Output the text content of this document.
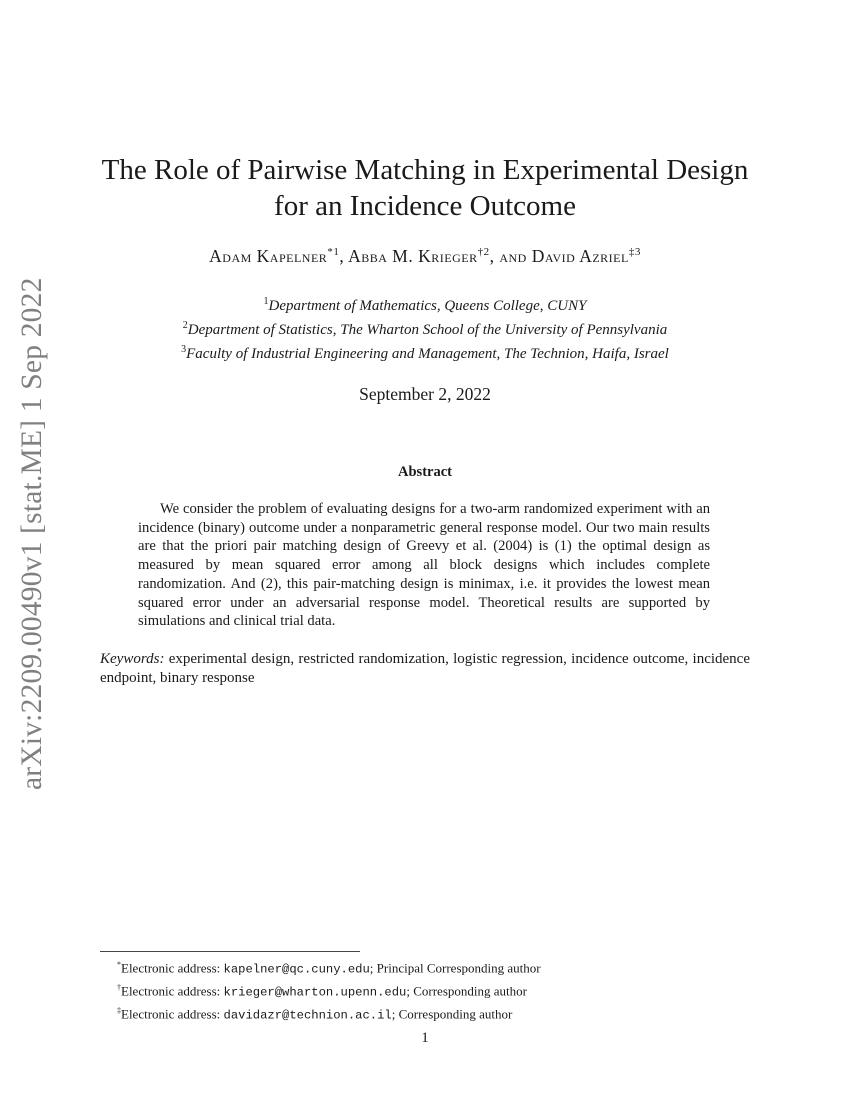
arXiv:2209.00490v1 [stat.ME] 1 Sep 2022
The Role of Pairwise Matching in Experimental Design
for an Incidence Outcome
Adam Kapelner$^{*1}$, Abba M. Krieger$^{\dagger 2}$, and David Azriel$^{\ddagger 3}$
$^1$Department of Mathematics, Queens College, CUNY
$^2$Department of Statistics, The Wharton School of the University of Pennsylvania
$^3$Faculty of Industrial Engineering and Management, The Technion, Haifa, Israel
September 2, 2022
Abstract

We consider the problem of evaluating designs for a two-arm randomized experiment with an incidence (binary) outcome under a nonparametric general response model. Our two main results are that the priori pair matching design of Greevy et al. (2004) is (1) the optimal design as measured by mean squared error among all block designs which includes complete randomization. And (2), this pair-matching design is minimax, i.e. it provides the lowest mean squared error under an adversarial response model. Theoretical results are supported by simulations and clinical trial data.

Keywords: experimental design, restricted randomization, logistic regression, incidence outcome, incidence endpoint, binary response

*Electronic address: kapelner@qc.cuny.edu; Principal Corresponding author
†Electronic address: krieger@wharton.upenn.edu; Corresponding author
‡Electronic address: davidazr@technion.ac.il; Corresponding author
1
